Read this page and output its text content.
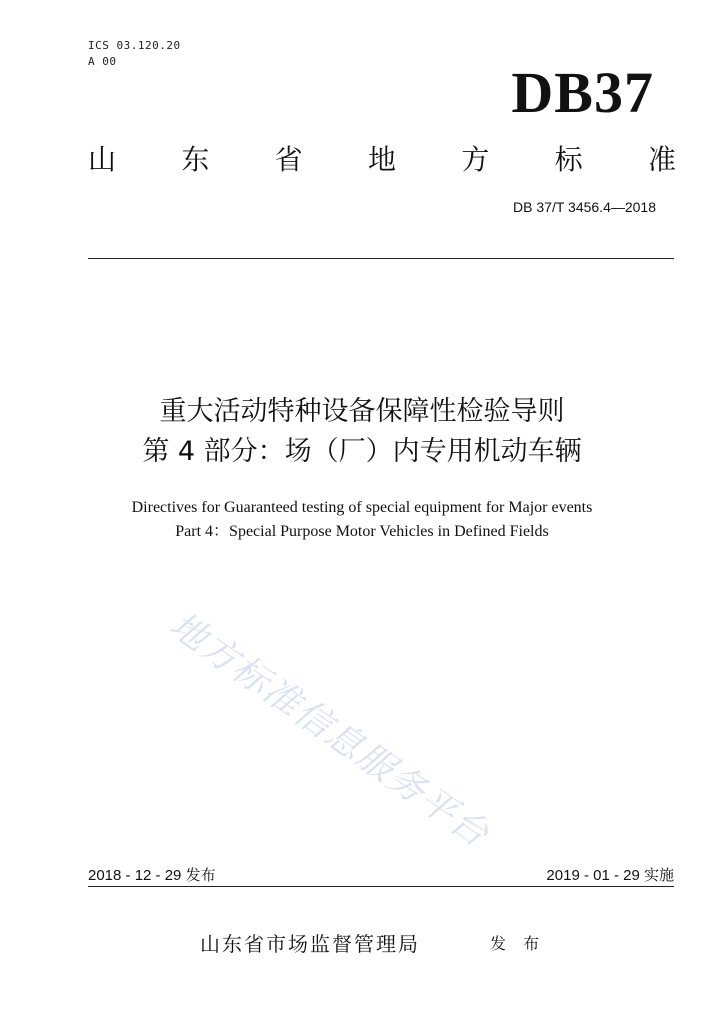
ICS 03.120.20
A 00	DB37
山 东 省 地 方 标 准
DB 37/T 3456.4—2018
重大活动特种设备保障性检验导则
第 4 部分：场（厂）内专用机动车辆
Directives for Guaranteed testing of special equipment for Major events
Part 4：Special Purpose Motor Vehicles in Defined Fields
地方标准信息服务平台
2018 - 12 - 29 发布	2019 - 01 - 29 实施
山东省市场监督管理局	发 布
